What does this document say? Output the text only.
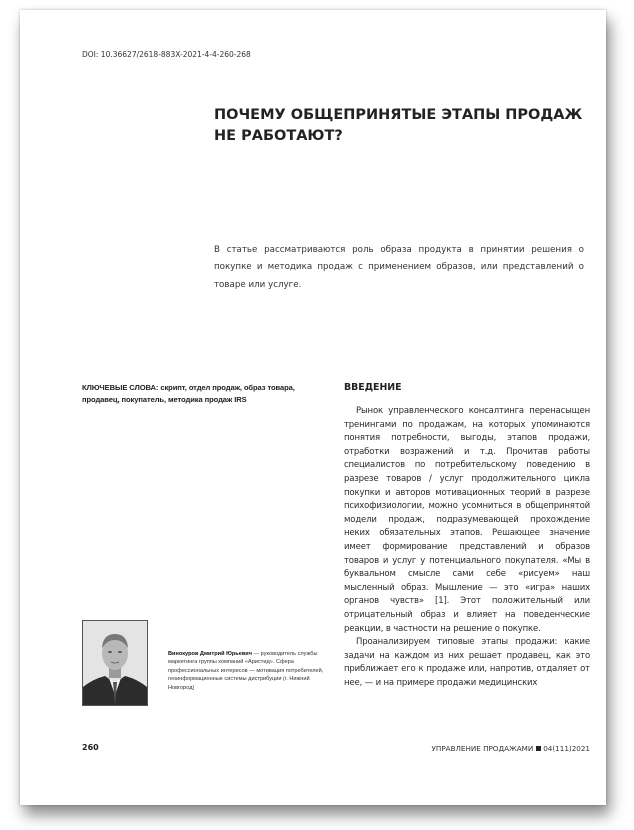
DOI: 10.36627/2618-883X-2021-4-4-260-268
ПОЧЕМУ ОБЩЕПРИНЯТЫЕ ЭТАПЫ ПРОДАЖ НЕ РАБОТАЮТ?

В статье рассматриваются роль образа продукта в принятии решения о покупке и методика продаж с применением образов, или представлений о товаре или услуге.

КЛЮЧЕВЫЕ СЛОВА: скрипт, отдел продаж, образ товара, продавец, покупатель, методика продаж IRS

ВВЕДЕНИЕ

Рынок управленческого консалтинга перенасыщен тренингами по продажам, на которых упоминаются понятия потребности, выгоды, этапов продажи, отработки возражений и т.д. Прочитав работы специалистов по потребительскому поведению в разрезе товаров / услуг продолжительного цикла покупки и авторов мотивационных теорий в разрезе психофизиологии, можно усомниться в общепринятой модели продаж, подразумевающей прохождение неких обязательных этапов. Решающее значение имеет формирование представлений и образов товаров и услуг у потенциального покупателя. «Мы в буквальном смысле сами себе «рисуем» наш мысленный образ. Мышление — это «игра» наших органов чувств» [1]. Этот положительный или отрицательный образ и влияет на поведенческие реакции, в частности на решение о покупке.

Проанализируем типовые этапы продажи: какие задачи на каждом из них решает продавец, как это приближает его к продаже или, напротив, отдаляет от нее, — и на примере продажи медицинских

Винокуров Дмитрий Юрьевич — руководитель службы маркетинга группы компаний «Аристид». Сфера профессиональных интересов — мотивация потребителей, геоинформационные системы дистрибуции (г. Нижний Новгород)

260	УПРАВЛЕНИЕ ПРОДАЖАМИ 04(111)2021
